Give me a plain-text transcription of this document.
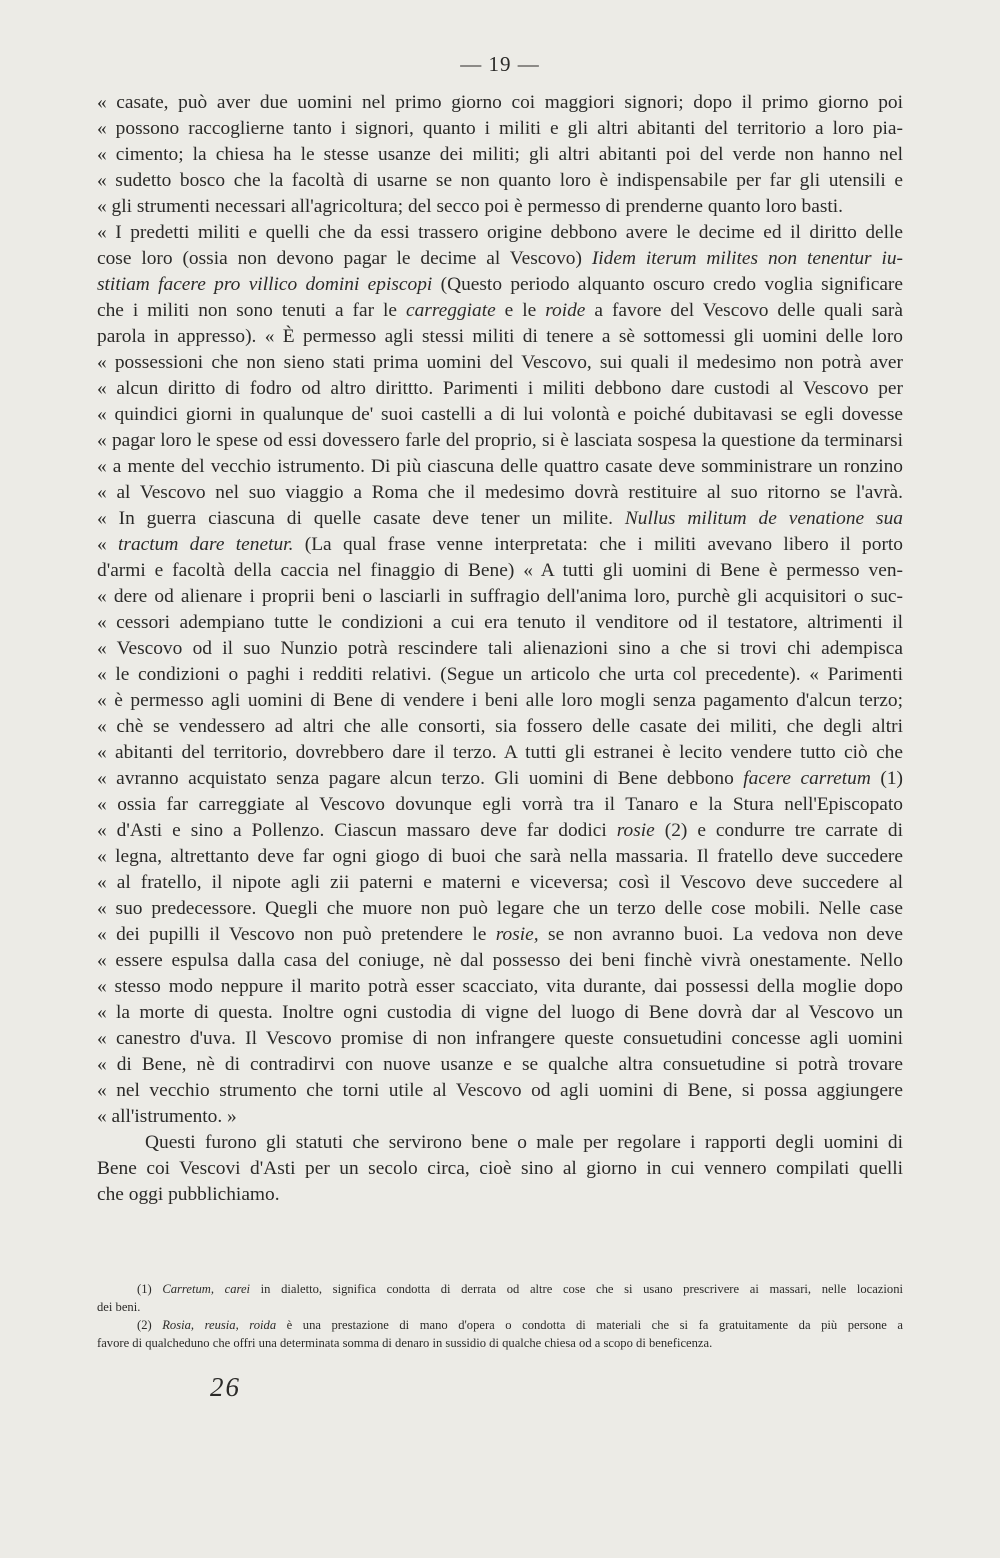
— 19 —
« casate, può aver due uomini nel primo giorno coi maggiori signori; dopo il primo giorno poi
« possono raccoglierne tanto i signori, quanto i militi e gli altri abitanti del territorio a loro pia-
« cimento; la chiesa ha le stesse usanze dei militi; gli altri abitanti poi del verde non hanno nel
« sudetto bosco che la facoltà di usarne se non quanto loro è indispensabile per far gli utensili e
« gli strumenti necessari all'agricoltura; del secco poi è permesso di prenderne quanto loro basti.
« I predetti militi e quelli che da essi trassero origine debbono avere le decime ed il diritto delle
cose loro (ossia non devono pagar le decime al Vescovo) Iidem iterum milites non tenentur iu-
stitiam facere pro villico domini episcopi (Questo periodo alquanto oscuro credo voglia significare
che i militi non sono tenuti a far le carreggiate e le roide a favore del Vescovo delle quali sarà
parola in appresso). « È permesso agli stessi militi di tenere a sè sottomessi gli uomini delle loro
« possessioni che non sieno stati prima uomini del Vescovo, sui quali il medesimo non potrà aver
« alcun diritto di fodro od altro dirittto. Parimenti i militi debbono dare custodi al Vescovo per
« quindici giorni in qualunque de' suoi castelli a di lui volontà e poiché dubitavasi se egli dovesse
« pagar loro le spese od essi dovessero farle del proprio, si è lasciata sospesa la questione da terminarsi
« a mente del vecchio istrumento. Di più ciascuna delle quattro casate deve somministrare un ronzino
« al Vescovo nel suo viaggio a Roma che il medesimo dovrà restituire al suo ritorno se l'avrà.
« In guerra ciascuna di quelle casate deve tener un milite. Nullus militum de venatione sua
« tractum dare tenetur. (La qual frase venne interpretata: che i militi avevano libero il porto
d'armi e facoltà della caccia nel finaggio di Bene) « A tutti gli uomini di Bene è permesso ven-
« dere od alienare i proprii beni o lasciarli in suffragio dell'anima loro, purchè gli acquisitori o suc-
« cessori adempiano tutte le condizioni a cui era tenuto il venditore od il testatore, altrimenti il
« Vescovo od il suo Nunzio potrà rescindere tali alienazioni sino a che si trovi chi adempisca
« le condizioni o paghi i redditi relativi. (Segue un articolo che urta col precedente). « Parimenti
« è permesso agli uomini di Bene di vendere i beni alle loro mogli senza pagamento d'alcun terzo;
« chè se vendessero ad altri che alle consorti, sia fossero delle casate dei militi, che degli altri
« abitanti del territorio, dovrebbero dare il terzo. A tutti gli estranei è lecito vendere tutto ciò che
« avranno acquistato senza pagare alcun terzo. Gli uomini di Bene debbono facere carretum (1)
« ossia far carreggiate al Vescovo dovunque egli vorrà tra il Tanaro e la Stura nell'Episcopato
« d'Asti e sino a Pollenzo. Ciascun massaro deve far dodici rosie (2) e condurre tre carrate di
« legna, altrettanto deve far ogni giogo di buoi che sarà nella massaria. Il fratello deve succedere
« al fratello, il nipote agli zii paterni e materni e viceversa; così il Vescovo deve succedere al
« suo predecessore. Quegli che muore non può legare che un terzo delle cose mobili. Nelle case
« dei pupilli il Vescovo non può pretendere le rosie, se non avranno buoi. La vedova non deve
« essere espulsa dalla casa del coniuge, nè dal possesso dei beni finchè vivrà onestamente. Nello
« stesso modo neppure il marito potrà esser scacciato, vita durante, dai possessi della moglie dopo
« la morte di questa. Inoltre ogni custodia di vigne del luogo di Bene dovrà dar al Vescovo un
« canestro d'uva. Il Vescovo promise di non infrangere queste consuetudini concesse agli uomini
« di Bene, nè di contradirvi con nuove usanze e se qualche altra consuetudine si potrà trovare
« nel vecchio strumento che torni utile al Vescovo od agli uomini di Bene, si possa aggiungere
« all'istrumento. »
Questi furono gli statuti che servirono bene o male per regolare i rapporti degli uomini di
Bene coi Vescovi d'Asti per un secolo circa, cioè sino al giorno in cui vennero compilati quelli
che oggi pubblichiamo.
(1) Carretum, carei in dialetto, significa condotta di derrata od altre cose che si usano prescrivere ai massari, nelle locazioni
dei beni.
(2) Rosia, reusia, roida è una prestazione di mano d'opera o condotta di materiali che si fa gratuitamente da più persone a
favore di qualcheduno che offri una determinata somma di denaro in sussidio di qualche chiesa od a scopo di beneficenza.
26
